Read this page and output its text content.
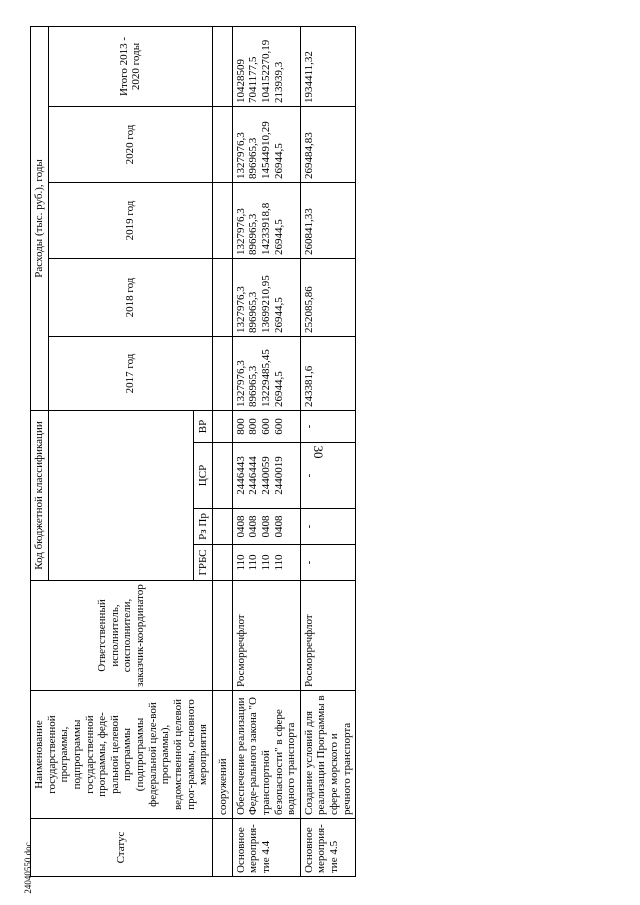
30
24040550.doc	Статус	Наименование государственной программы, подпрограммы государственной программы, феде-ральной целевой программы (подпрограммы федеральной целе-вой программы), ведомственной целевой прог-раммы, основного мероприятия	Ответственный исполнитель, соисполнители, заказчик-координатор	Код бюджетной классификации				Расходы (тыс. руб.), годы				
							2017 год	2018 год	2019 год	2020 год	Итого 2013 - 2020 годы
			ГРБС	Рз Пр	ЦСР	ВР					
	сооружений										
Основное мероприя-тие 4.4	Обеспечение реализации Феде-рального закона "О транспортной безопасности" в сфере водного транспорта	Росморречфлот	110 110 110 110	0408 0408 0408 0408	2446443 2446444 2440059 2440019	800 800 600 600	1327976,3 896965,3 13229485,45 26944,5	1327976,3 896965,3 13699210,95 26944,5	1327976,3 896965,3 14233918,8 26944,5	1327976,3 896965,3 14544910,29 26944,5	10428509 7041177,5 104152270,19 213939,3

Основное мероприя-тие 4.5	Создание условий для реализации Программы в сфере морского и речного транспорта	Росморречфлот	-	-	-	-	243381,6	252085,86	260841,33	269484,83	1934411,32
